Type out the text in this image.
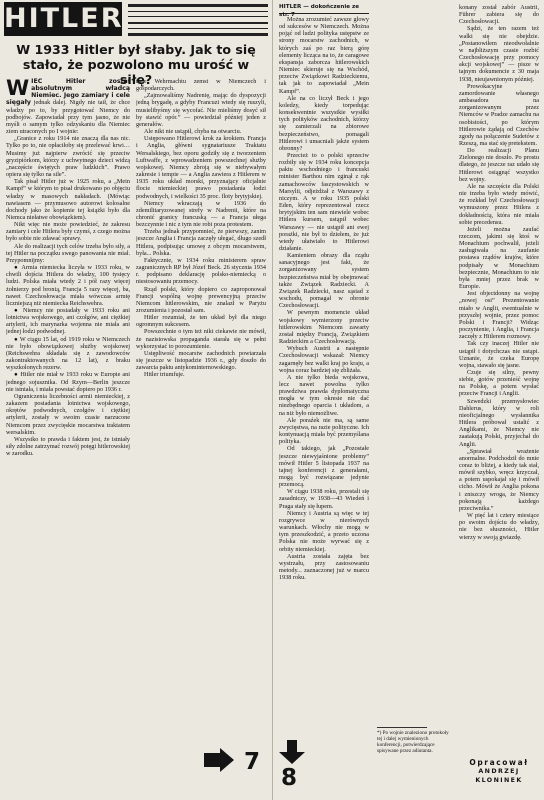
HITLER
W 1933 Hitler był słaby. Jak to się
stało, że pozwolono mu urość w siłę?

W IEC Hitler został absolutnym władcą Niemiec. Jego zamiary i cele sięgały jednak dalej. Nigdy nie taił, że chce władzy po to, by przygotować Niemcy do podbojów. Zapowiadał przy tym jasno, że nie myśli o samym tylko odzyskaniu dla Niemiec ziem utraconych po I wojnie:

„Granice z roku 1914 nie znaczą dla nas nic. Tylko po to, nie opłaciłoby się przelewać krwi… Musimy już najpierw zwrócić się przeciw gryzipiórkom, którzy z uchwytnego dzieci widzą „naczęście świętych praw ludzkich”. Prawo opiera się tylko na sile”.

Tak pisał Hitler już w 1925 roku, a „Mein Kampf” w którym to pisał drukowano po objęciu władzy w masowych nakładach. (Mówiąc nawiasem — przymusowo autorowi kolosalne dochody jako że kopienie tej książki było dla Niemca niełatwe obowiązkiem).

Nikt więc nie może powiedzieć, że zakresu zamiary i cele Hitlera były czymś, z czego można było sobie nie zdawać sprawy.

Ale do realizacji tych celów trzeba było siły, a tej Hitler na początku swego panowania nie miał. Przypomnijmy:

● Armia niemiecka liczyła w 1933 roku, w chwili dojścia Hitlera do władzy, 100 tysięcy ludzi. Polska miała wtedy 2 i pół razy więcej żołnierzy pod bronią, Francja 5 razy więcej, ba, nawet Czechosłowacja miała wówczas armię liczniejszą niż niemiecka Reichswehra.

● Niemcy nie posiadały w 1933 roku ani lotnictwa wojskowego, ani czołgów, ani ciężkiej artylerii, ich marynarka wojenna nie miała ani jednej łodzi podwodnej.

● W ciągu 15 lat, od 1919 roku w Niemczech nie było obowiązkowej służby wojskowej (Reichswehra składała się z zawodowców zakontraktowanych na 12 lat), z braku wyszkolonych rezerw.

● Hitler nie miał w 1933 roku w Europie ani jednego sojusznika. Od Rzym—Berlin jeszcze nie istniała, i miała powstać dopiero po 1936 r.

Ograniczenia liczebności armii niemieckiej, z zakazem posiadania lotnictwa wojskowego, okrętów podwodnych, czołgów i ciężkiej artylerii, zostały w swoim czasie narzucone Niemcom przez zwycięskie mocarstwa traktatem wersalskim.

Wszystko to prawda i faktem jest, że istniały siły zdolne zatrzymać rozwój potęgi hitlerowskiej w zarodku.

twie Wehrmachtu zemst w Niemczech i gospodarczych.

„Zajmowaliśmy Nadrenię, mając do dyspozycji jedną brygadę, a gdyby Francuzi wtedy się ruszyli, musielibyśmy się wycofać. Nie mieliśmy dosyć sił by stawić opór.” — powiedział później jeden z generałów.

Ale nikt nie ustąpił, chyba na otwarciu.

Ustępowano Hitlerowi krok za krokiem. Francja i Anglia, główni sygnatariusze Traktatu Wersalskiego, bez oporu godziły się z tworzeniem Luftwaffe, z wprowadzeniem powszechnej służby wojskowej. Niemcy zbroją się w niebywałym zakresie i tempie — a Anglia zawiera z Hitlerem w 1935 roku układ morski, przyznający oficjalnie flocie niemieckiej prawo posiadania łodzi podwodnych, i wielkości 35 proc. floty brytyjskiej.

Niemcy wkraczają w 1936 do zdemilitaryzowanej strefy w Nadrenii, które na chronić granicy francuską — a Francja ułega bezczynnie i nic z tym nie robi poza protestem.

Trzeba jednak przypomnieć, że pierwszy, zanim jeszcze Anglia i Francja zaczęły ułegać, długo szedł Hitlera, podpisując umowę z obcym mocarstwem, była... Polska.

Faktycznie, w 1934 roku ministerem spraw zagranicznych RP był Józef Beck. 26 stycznia 1934 r. podpisano deklarację polsko-niemiecką o niestosowaniu przemocy.

Rząd polski, który dopiero co zaproponował Francji wspólną wojnę prewencyjną przeciw Niemcom hitlerowskim, nie znalazł w Paryżu zrozumienia i pozostał sam.

Hitler rozumiał, że ten układ był dla niego ogromnym sukcesem.

Powszechnie o tym też nikt ciekawie nie mówił, że nazistowska propaganda starała się w pełni wykorzystać to porozumienie.

Ustępliwość mocarstw zachodnich powtarzała się jeszcze w listopadzie 1936 r., gdy doszło do zawarcia paktu antykominternowskiego.

Hitler triumfuje.

7
HITLER — dokończenie ze str. 7

Można zrozumieć zawsze głowy od sukcesów w Niemczech. Można pojąć od ludzi polityka ustępstw ze strony mocarstw zachodnich, w których zaś po raz bierą górę elementy licząca na to, że caragowe ekspansja zaborcza hitlerowskich Niemiec skieruje się na Wschód, przeciw Związkowi Radzieckiemu, tak jak to zapowiadał „Mein Kampf”.

Ale na co liczył Beck i jego koledzy, kiedy torpedując konsekwentnie wszystkie wysiłki tych polityków zachodnich, którzy się zamierzali na zbiorowe bezpieczeństwo, pomagali Hitlerowi i umacniali jakże system obronny?

Przecież to o polski sprzeciw rozbiły się w 1934 roku koncepcja paktu wschodniego i francuski minister Barthou nim zginął z rąk zamachowców faszystowskich w Marsylii, odjeżdżał z Warszawy z niczym. A w roku 1935 polski Eden, który reprezentował rzecz brytyjskim ten sam niewiele wobec Hitlera kursem, ustąpił wobec Warszawy — nie ustąpił ani ewej porażki, nie był to dziełem, że już wtedy ułatwiało to Hitlerowi działanie.

Kamieniem obrazy dla rządu sanacyjnego jest fakt, że zorganizowany system bezpieczeństwa miał by obejmować także Związek Radziecki. A Związek Radziecki, nasz sąsiad z wschodu, pomagał w obronie Czechosłowacji.

W pewnym momencie układ wojskowy wymierzony przeciw hitlerowskim Niemcom zawarty został między Francją, Związkiem Radzieckim a Czechosłowacją.

Wybuch Austrii a następnie Czechosłowacji wskazał: Niemcy zagarnęły bez walki kraj po kraju, a wojna coraz bardziej się zbliżała.

A nie tylko bieda wojskowa, lecz nawet powolna tylko prawdziwa prawda dyplomatyczna mogła w tym okresie nie dać niezbędnego oparcia i układom, a na niż było niemożliwe.

Ale poraźek nie ma, są same zwycięstwa, na razie polityczne. Ich kontynuacją miała być przemyślana polityka.

Od takiego, jak „Pozostałe jeszcze niewyjaśnione problemy” mówił Hitler 5 listopada 1937 na tajnej konferencji z generałami, mogą być rozwiązane jedynie przemocą.

W ciągu 1938 roku, przestali się zasadniczy, w 1938—43 Wiedeń i Praga stały się łupem.

Niemcy i Austria są więc w tej rozgrywce w nierównych warunkach. Włochy nie mogą w tym przeszkodzić, a przeto uczona Polska nie może wyrwać się z orbity niemieckiej.

Austria została zajęta bez wystrzału, przy zastosowaniu metody... zaznaczonej już w marcu 1938 roku.

*) Po wojnie znaleziono protokoły tej i dalej wymienionych konferencji, potwierdzające spisywane przez adiutanta.

konany został zabór Austrii, Führer zabiera się do Czechosłowacji.

Sądzi, że ten razem też walki się nie obejdzie. „Postanowiłem nieodwołalnie w najbliższym czasie rozbić Czechosłowację przy pomocy akcji wojskowej” — pisze w tajnym dokumencie z 30 maja 1938, nieujawnionym później.

Prowokacyjne zamordowanie własnego ambasadora na zorganizowanym przez Niemców w Pradze zamachu na osobistości, po którym Hitlerowie żądają od Czechów zgody na połączenie Sudetów z Rzeszą, ma stać się pretekstem.

Do realizacji Planu Zielonego nie doszło. Po prostu dlatego, że jeszcze raz udało się Hitlerowi osiągnąć wszystko bez wojny.

Ale na szczęście dla Polski nie trzeba było wtedy mówić, że rozkład był Czechosłowacji wymuszony przez Hitlera z dokładnością, która nie miała sobie precedensu.

Jeżeli można zaufać rzeczom, jakimi się ktoś w Monachium pochwalił, jeżeli zasługiwała na zaufanie postawa rządów krajów, które podpisały w Monachium bezpiecznie, Monachium to nie była mniej przez brak w Europie.

Jest objectdonny na wojnę „nowej osi” Prezentowanie miało w Anglii, ewentualnie w przyszłej wojnie, przez pomoc Polski i Francji? Widząc poczynienie, i Anglia, i Francja zaczęły z Hitlerem rozmowy.

Tak czy inaczej Hitler nie ustąpił i dotychczas nie ustąpi. Uznanie, że czeka Europę wojna, stawało się jasne.

Czuje się silny, pewny siebie, gotów przenieść wojnę na Polskę, a potem wysłać przeciw Francji i Anglii.

Szwedzki przemysłowiec Dahlerus, który w roli nieoficjalnego wysłannika Hitlera próbował ustalić z Anglikami, że Niemcy nie zaatakują Polski, przyjechał do Anglii.

„Sprawiał wrażenie anormalne. Podchodził do mnie coraz to bliżej, a kiedy tak stał, mówił szybko, wręcz krzyczał, a potem uspokajał się i mówił cicho. Mówił że Anglia pokona i zniszczy wroga, że Niemcy pokonają każdego przeciwnika.”

W pięć lat i cztery miesiące po swoim dojściu do władzy, nie bez słuszności, Hitler wierzy w swoją gwiazdę.

Opracował
ANDRZEJ KLONINEK
8
